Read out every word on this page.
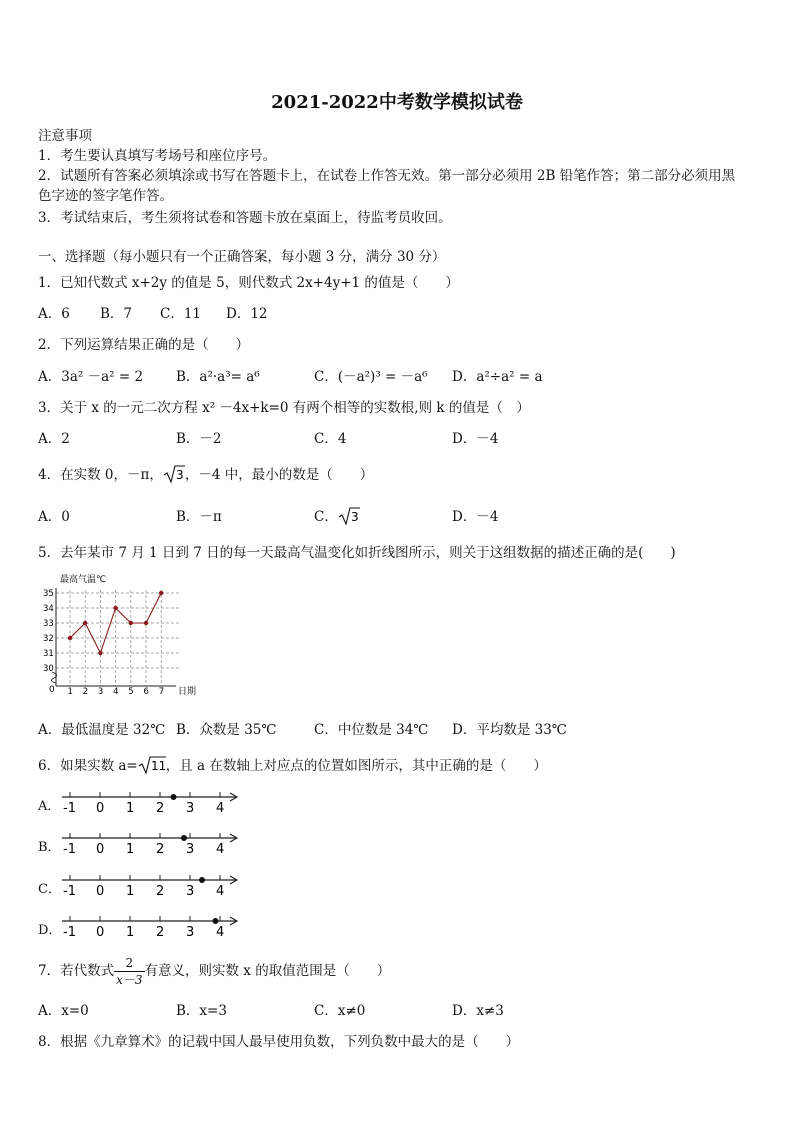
2021-2022中考数学模拟试卷
注意事项
1．考生要认真填写考场号和座位序号。
2．试题所有答案必须填涂或书写在答题卡上，在试卷上作答无效。第一部分必须用 2B 铅笔作答；第二部分必须用黑
色字迹的签字笔作答。
3．考试结束后，考生须将试卷和答题卡放在桌面上，待监考员收回。
一、选择题（每小题只有一个正确答案，每小题 3 分，满分 30 分）
1．已知代数式 x+2y 的值是 5，则代数式 2x+4y+1 的值是（　　）
A．6 B．7 C．11 D．12
2．下列运算结果正确的是（　　）
A．3a² －a² = 2 B．a²·a³= a⁶	C．(－a²)³ = －a⁶ D．a²÷a² = a
3．关于 x 的一元二次方程 x² －4x+k=0 有两个相等的实数根,则 k 的值是（　）
A．2	B．－2	C．4	D．－4
4．在实数 0，－π， 3 ，－4 中，最小的数是（　　）
A．0	B．－π	C． 3	D．－4
5．去年某市 7 月 1 日到 7 日的每一天最高气温变化如折线图所示，则关于这组数据的描述正确的是(　　)
最高气温℃
日期
0
30
31
32
33
34
35
1 2 3 4 5 6 7
A．最低温度是 32℃ B．众数是 35℃	C．中位数是 34℃ D．平均数是 33℃
6．如果实数 a= 11 ，且 a 在数轴上对应点的位置如图所示，其中正确的是（　　）
A． -1 0 1 2 3 4
B． -1 0 1 2 3 4
C． -1 0 1 2 3 4
D． -1 0 1 2 3 4
7．若代数式 $\frac{2}{x-3}$ 有意义，则实数 x 的取值范围是（　　）
A．x=0	B．x=3	C．x≠0	D．x≠3
8．根据《九章算术》的记载中国人最早使用负数，下列负数中最大的是（　　）
